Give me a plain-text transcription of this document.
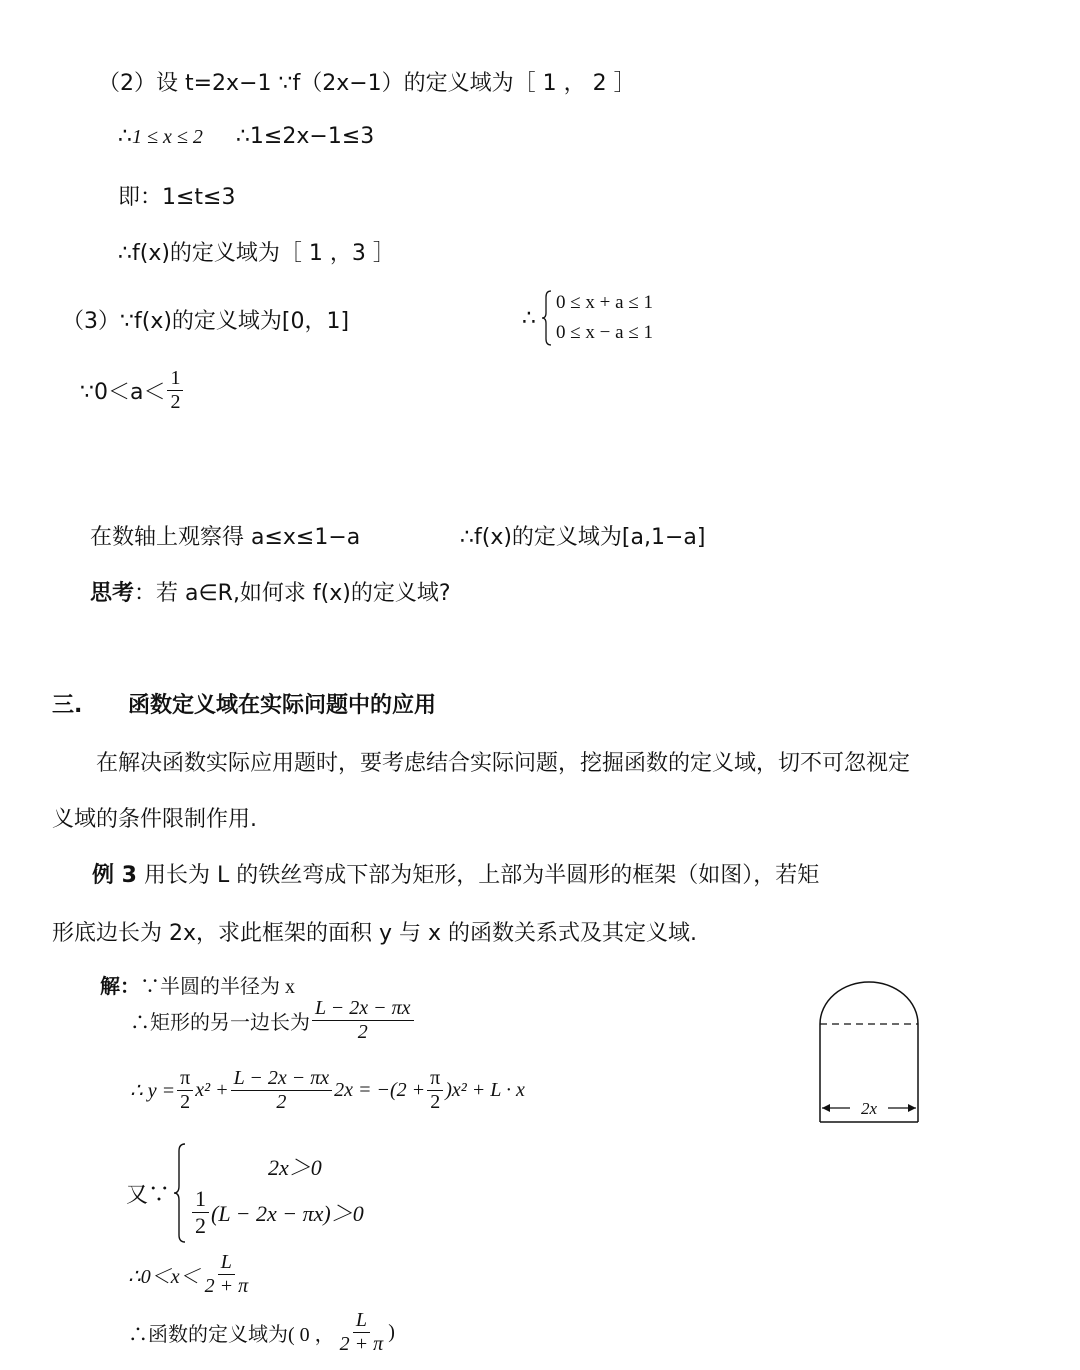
（2）设 t=2x−1 ∵f（2x−1）的定义域为［ 1 ， 2 ］
∴1 ≤ x ≤ 2 ∴1≤2x−1≤3
即：1≤t≤3
∴f(x)的定义域为［ 1 ，3 ］
（3）∵f(x)的定义域为[0，1]	∴
0 ≤ x + a ≤ 1
0 ≤ x − a ≤ 1
∵0＜a＜ $\frac{1}{2}$
在数轴上观察得 a≤x≤1−a	∴f(x)的定义域为[a,1−a]
思考：若 a∈R,如何求 f(x)的定义域?
三. 函数定义域在实际问题中的应用
在解决函数实际应用题时，要考虑结合实际问题，挖掘函数的定义域，切不可忽视定
义域的条件限制作用.
例 3 用长为 L 的铁丝弯成下部为矩形，上部为半圆形的框架（如图），若矩
形底边长为 2x，求此框架的面积 y 与 x 的函数关系式及其定义域.
解：∵半圆的半径为 x
∴矩形的另一边长为 $\frac{L - 2x - \pi x}{2}$
∴ $y = \frac{\pi}{2} x^2 + \frac{L - 2x - \pi x}{2} 2x = -(2 + \frac{\pi}{2} )x^2 + L \cdot x$
又∵
2x＞0
$\frac{1}{2} (L - 2x - \pi x)>0$
∴0＜x＜ $\frac{L}{2 + \pi}$
∴函数的定义域为( 0 ， $\frac{L}{2 + \pi}$ )
2x
